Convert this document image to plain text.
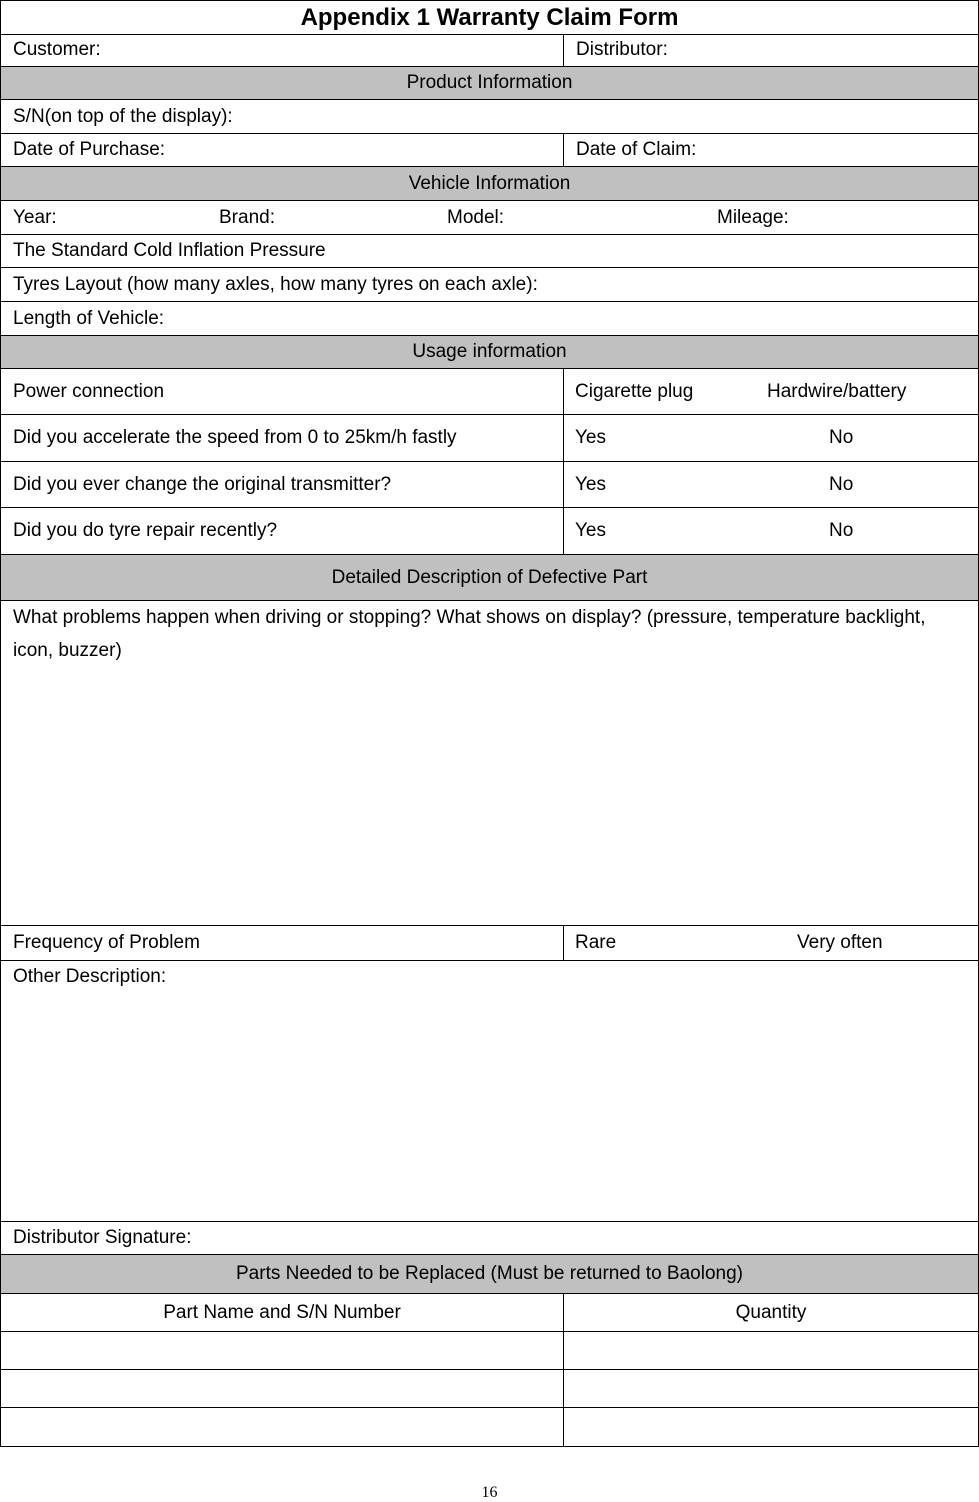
Appendix 1 Warranty Claim Form
Customer:	Distributor:
Product Information
S/N(on top of the display):
Date of Purchase:	Date of Claim:
Vehicle Information
Year:	Brand:	Model:	Mileage:
The Standard Cold Inflation Pressure
Tyres Layout (how many axles, how many tyres on each axle):
Length of Vehicle:
Usage information
Power connection	Cigarette plug	Hardwire/battery
Did you accelerate the speed from 0 to 25km/h fastly	Yes	No
Did you ever change the original transmitter?	Yes	No
Did you do tyre repair recently?	Yes	No
Detailed Description of Defective Part
What problems happen when driving or stopping? What shows on display? (pressure, temperature backlight, icon, buzzer)
Frequency of Problem	Rare	Very often
Other Description:
Distributor Signature:
Parts Needed to be Replaced (Must be returned to Baolong)
Part Name and S/N Number	Quantity
16
